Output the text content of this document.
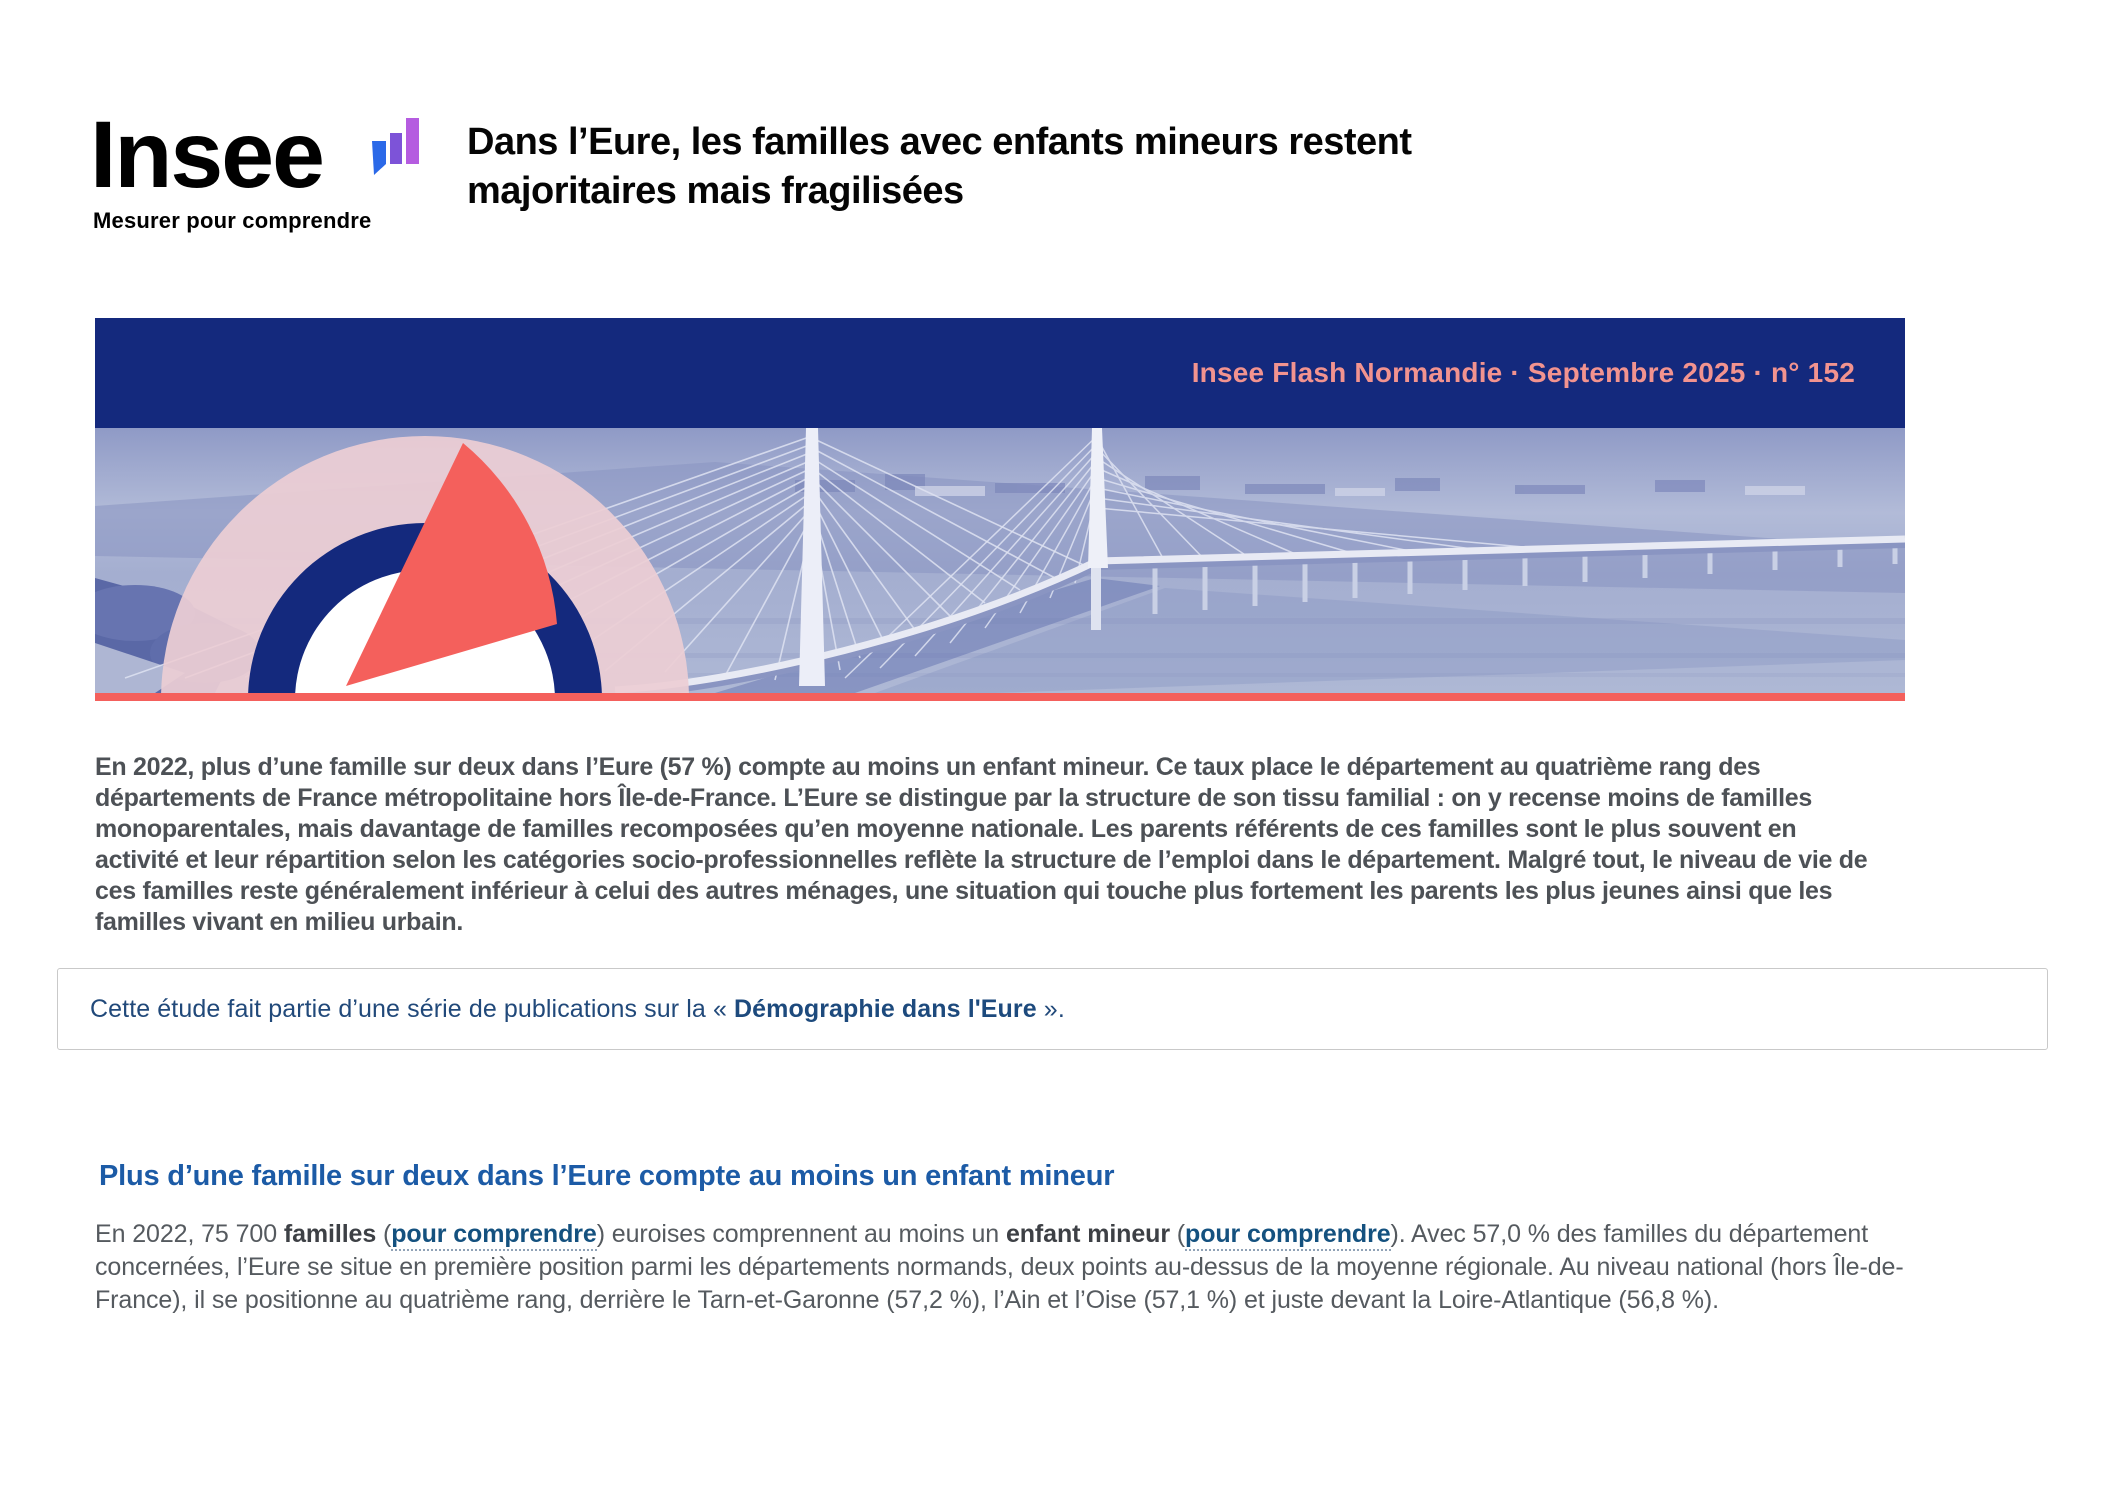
Insee
Mesurer pour comprendre
Dans l’Eure, les familles avec enfants mineurs restent majoritaires mais fragilisées
Insee Flash Normandie · Septembre 2025 · n° 152

En 2022, plus d’une famille sur deux dans l’Eure (57 %) compte au moins un enfant mineur. Ce taux place le département au quatrième rang des départements de France métropolitaine hors Île-de-France. L’Eure se distingue par la structure de son tissu familial : on y recense moins de familles monoparentales, mais davantage de familles recomposées qu’en moyenne nationale. Les parents référents de ces familles sont le plus souvent en activité et leur répartition selon les catégories socio-professionnelles reflète la structure de l’emploi dans le département. Malgré tout, le niveau de vie de ces familles reste généralement inférieur à celui des autres ménages, une situation qui touche plus fortement les parents les plus jeunes ainsi que les familles vivant en milieu urbain.

Cette étude fait partie d’une série de publications sur la « Démographie dans l'Eure ».
Plus d’une famille sur deux dans l’Eure compte au moins un enfant mineur

En 2022, 75 700 familles (pour comprendre) euroises comprennent au moins un enfant mineur (pour comprendre). Avec 57,0 % des familles du département concernées, l’Eure se situe en première position parmi les départements normands, deux points au-dessus de la moyenne régionale. Au niveau national (hors Île-de-France), il se positionne au quatrième rang, derrière le Tarn-et-Garonne (57,2 %), l’Ain et l’Oise (57,1 %) et juste devant la Loire-Atlantique (56,8 %).
